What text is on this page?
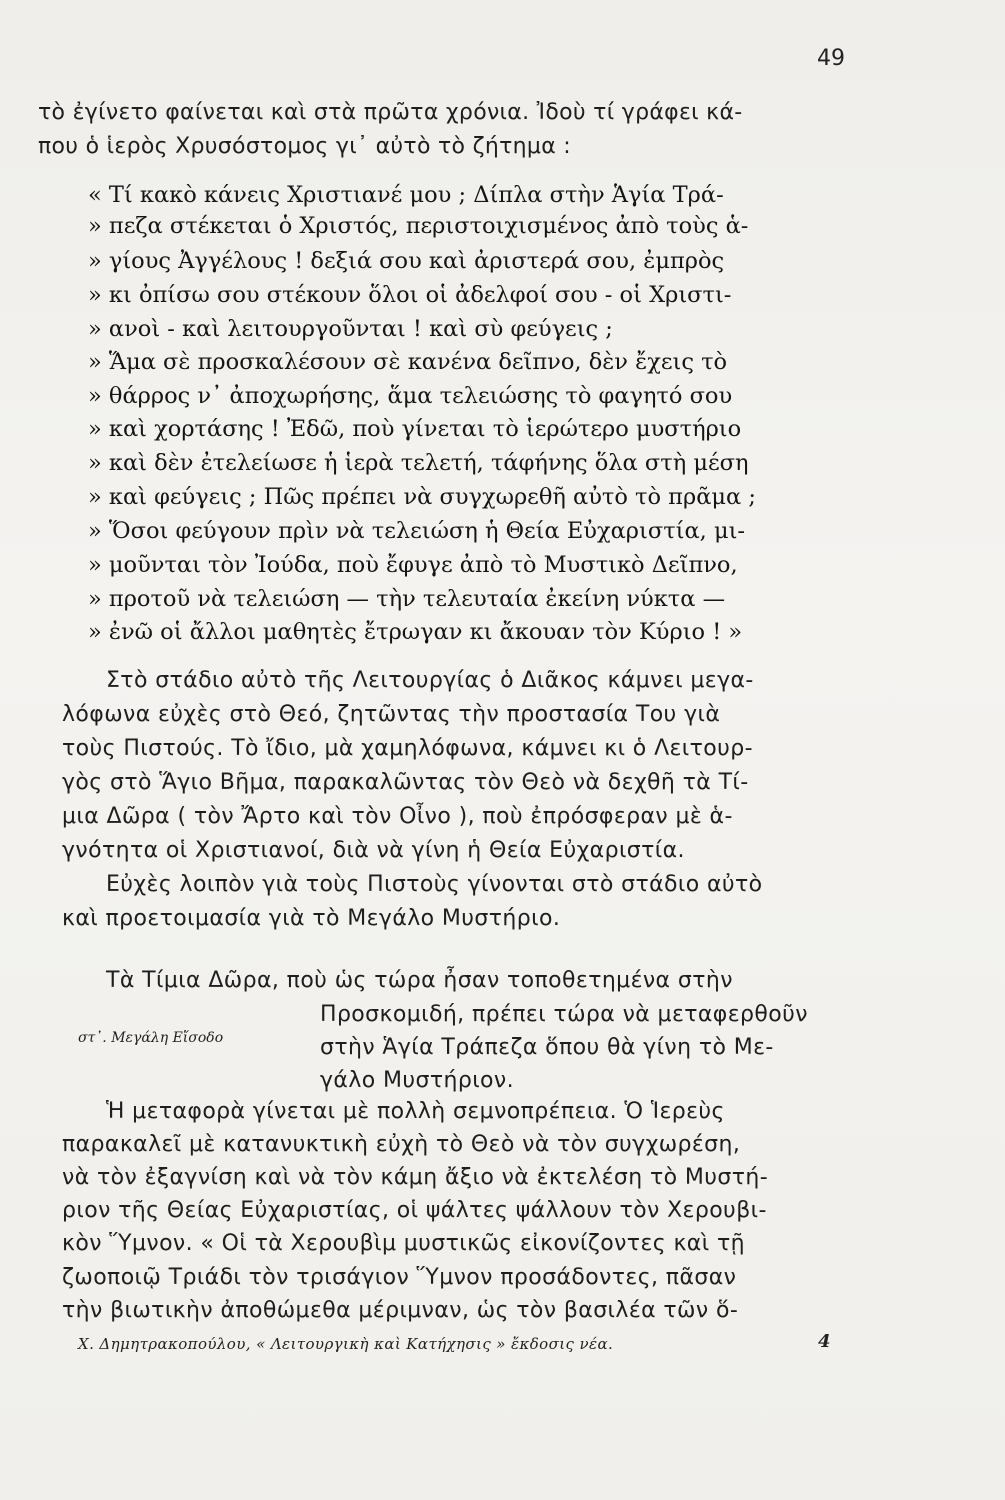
49
τὸ ἐγίνετο φαίνεται καὶ στὰ πρῶτα χρόνια. Ἰδοὺ τί γράφει κά-
που ὁ ἱερὸς Χρυσόστομος γι᾽ αὐτὸ τὸ ζήτημα :
« Τί κακὸ κάνεις Χριστιανέ μου ; Δίπλα στὴν Ἁγία Τρά-
» πεζα στέκεται ὁ Χριστός, περιστοιχισμένος ἀπὸ τοὺς ἁ-
» γίους Ἀγγέλους ! δεξιά σου καὶ ἀριστερά σου, ἐμπρὸς
» κι ὀπίσω σου στέκουν ὅλοι οἱ ἀδελφοί σου - οἱ Χριστι-
» ανοὶ - καὶ λειτουργοῦνται ! καὶ σὺ φεύγεις ;
» Ἅμα σὲ προσκαλέσουν σὲ κανένα δεῖπνο, δὲν ἔχεις τὸ
» θάρρος ν᾽ ἀποχωρήσης, ἅμα τελειώσης τὸ φαγητό σου
» καὶ χορτάσης ! Ἐδῶ, ποὺ γίνεται τὸ ἱερώτερο μυστήριο
» καὶ δὲν ἐτελείωσε ἡ ἱερὰ τελετή, τάφήνης ὅλα στὴ μέση
» καὶ φεύγεις ; Πῶς πρέπει νὰ συγχωρεθῆ αὐτὸ τὸ πρᾶμα ;
» Ὅσοι φεύγουν πρὶν νὰ τελειώση ἡ Θεία Εὐχαριστία, μι-
» μοῦνται τὸν Ἰούδα, ποὺ ἔφυγε ἀπὸ τὸ Μυστικὸ Δεῖπνο,
» προτοῦ νὰ τελειώση — τὴν τελευταία ἐκείνη νύκτα —
» ἐνῶ οἱ ἄλλοι μαθητὲς ἔτρωγαν κι ἄκουαν τὸν Κύριο ! »
Στὸ στάδιο αὐτὸ τῆς Λειτουργίας ὁ Διᾶκος κάμνει μεγα-
λόφωνα εὐχὲς στὸ Θεό, ζητῶντας τὴν προστασία Του γιὰ
τοὺς Πιστούς. Τὸ ἴδιο, μὰ χαμηλόφωνα, κάμνει κι ὁ Λειτουρ-
γὸς στὸ Ἅγιο Βῆμα, παρακαλῶντας τὸν Θεὸ νὰ δεχθῆ τὰ Τί-
μια Δῶρα ( τὸν Ἄρτο καὶ τὸν Οἶνο ), ποὺ ἐπρόσφεραν μὲ ἁ-
γνότητα οἱ Χριστιανοί, διὰ νὰ γίνη ἡ Θεία Εὐχαριστία.
Εὐχὲς λοιπὸν γιὰ τοὺς Πιστοὺς γίνονται στὸ στάδιο αὐτὸ
καὶ προετοιμασία γιὰ τὸ Μεγάλο Μυστήριο.
Τὰ Τίμια Δῶρα, ποὺ ὡς τώρα ἦσαν τοποθετημένα στὴν
Προσκομιδή, πρέπει τώρα νὰ μεταφερθοῦν
στὴν Ἁγία Τράπεζα ὅπου θὰ γίνη τὸ Με-
γάλο Μυστήριον.
στ᾽. Μεγάλη Εἴσοδο
Ἡ μεταφορὰ γίνεται μὲ πολλὴ σεμνοπρέπεια. Ὁ Ἱερεὺς
παρακαλεῖ μὲ κατανυκτικὴ εὐχὴ τὸ Θεὸ νὰ τὸν συγχωρέση,
νὰ τὸν ἐξαγνίση καὶ νὰ τὸν κάμη ἄξιο νὰ ἐκτελέση τὸ Μυστή-
ριον τῆς Θείας Εὐχαριστίας, οἱ ψάλτες ψάλλουν τὸν Χερουβι-
κὸν Ὕμνον. « Οἱ τὰ Χερουβὶμ μυστικῶς εἰκονίζοντες καὶ τῇ
ζωοποιῷ Τριάδι τὸν τρισάγιον Ὕμνον προσάδοντες, πᾶσαν
τὴν βιωτικὴν ἀποθώμεθα μέριμναν, ὡς τὸν βασιλέα τῶν ὅ-
Χ. Δημητρακοπούλου, « Λειτουργικὴ καὶ Κατήχησις » ἔκδοσις νέα.	4
